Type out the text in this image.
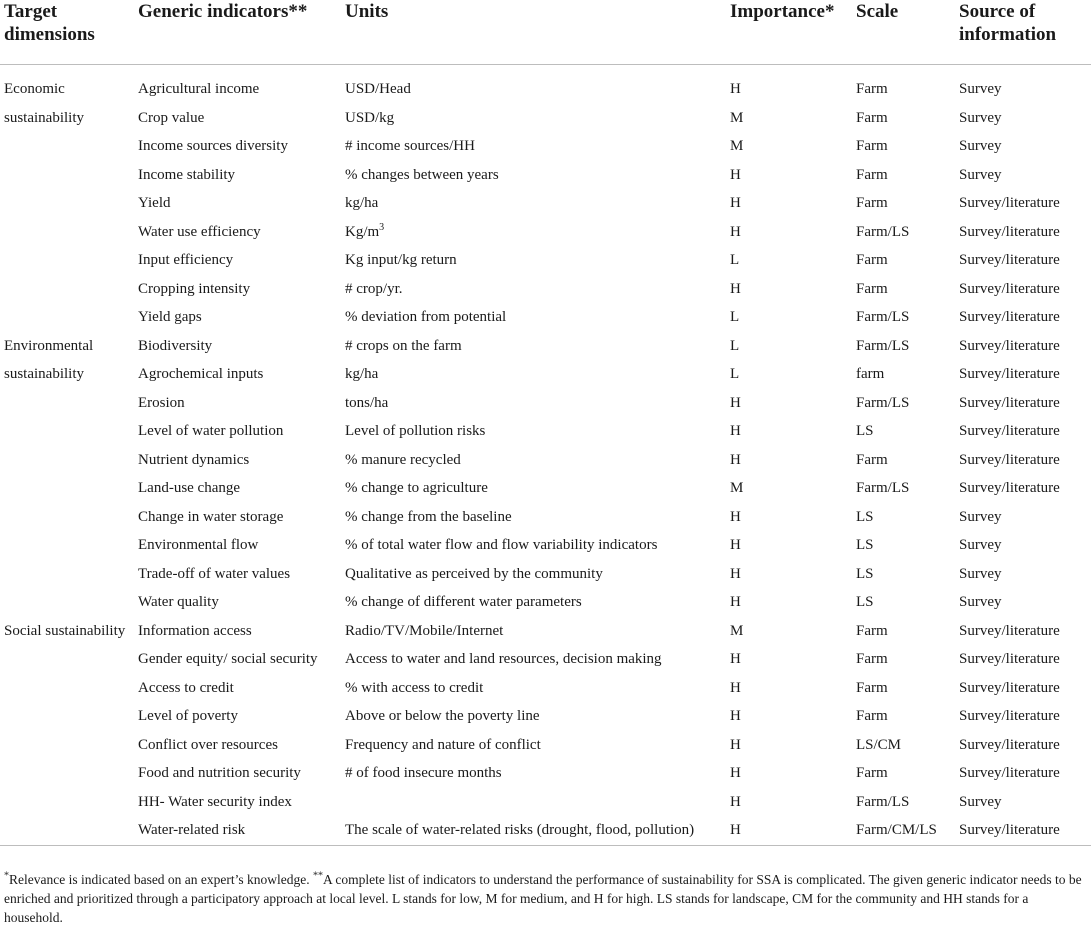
Target dimensions	Generic indicators**	Units	Importance*	Scale	Source of information
Economic sustainability	Agricultural income	USD/Head	H	Farm	Survey
	Crop value	USD/kg	M	Farm	Survey
	Income sources diversity	# income sources/HH	M	Farm	Survey
	Income stability	% changes between years	H	Farm	Survey
	Yield	kg/ha	H	Farm	Survey/literature
	Water use efficiency	$Kg/m^3$	H	Farm/LS	Survey/literature
	Input efficiency	Kg input/kg return	L	Farm	Survey/literature
	Cropping intensity	# crop/yr.	H	Farm	Survey/literature
	Yield gaps	% deviation from potential	L	Farm/LS	Survey/literature
Environmental sustainability	Biodiversity	# crops on the farm	L	Farm/LS	Survey/literature
	Agrochemical inputs	kg/ha	L	farm	Survey/literature
	Erosion	tons/ha	H	Farm/LS	Survey/literature
	Level of water pollution	Level of pollution risks	H	LS	Survey/literature
	Nutrient dynamics	% manure recycled	H	Farm	Survey/literature
	Land-use change	% change to agriculture	M	Farm/LS	Survey/literature
	Change in water storage	% change from the baseline	H	LS	Survey
	Environmental flow	% of total water flow and flow variability indicators	H	LS	Survey
	Trade-off of water values	Qualitative as perceived by the community	H	LS	Survey
	Water quality	% change of different water parameters	H	LS	Survey
Social sustainability	Information access	Radio/TV/Mobile/Internet	M	Farm	Survey/literature
	Gender equity/ social security	Access to water and land resources, decision making	H	Farm	Survey/literature
	Access to credit	% with access to credit	H	Farm	Survey/literature
	Level of poverty	Above or below the poverty line	H	Farm	Survey/literature
	Conflict over resources	Frequency and nature of conflict	H	LS/CM	Survey/literature
	Food and nutrition security	# of food insecure months	H	Farm	Survey/literature
	HH- Water security index		H	Farm/LS	Survey
	Water-related risk	The scale of water-related risks (drought, flood, pollution)	H	Farm/CM/LS	Survey/literature
*Relevance is indicated based on an expert’s knowledge. **A complete list of indicators to understand the performance of sustainability for SSA is complicated. The given generic indicator needs to be enriched and prioritized through a participatory approach at local level. L stands for low, M for medium, and H for high. LS stands for landscape, CM for the community and HH stands for a household.
